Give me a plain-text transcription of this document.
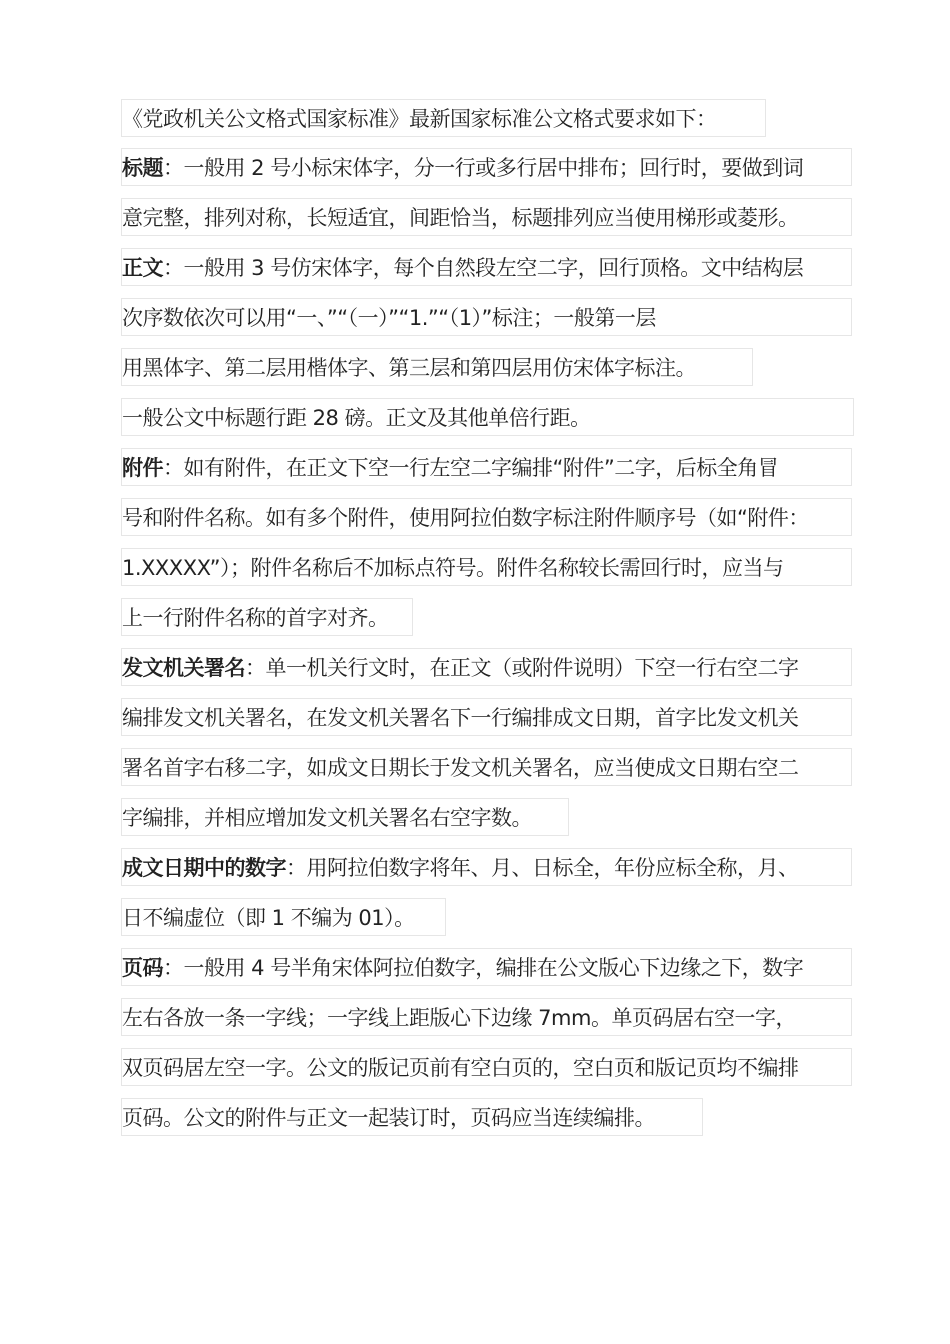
《党政机关公文格式国家标准》最新国家标准公文格式要求如下：
标题：一般用 2 号小标宋体字，分一行或多行居中排布；回行时，要做到词
意完整，排列对称，长短适宜，间距恰当，标题排列应当使用梯形或菱形。
正文：一般用 3 号仿宋体字，每个自然段左空二字，回行顶格。文中结构层
次序数依次可以用“一、”“（一）”“1.”“（1）”标注；一般第一层
用黑体字、第二层用楷体字、第三层和第四层用仿宋体字标注。
一般公文中标题行距 28 磅。正文及其他单倍行距。
附件：如有附件，在正文下空一行左空二字编排“附件”二字，后标全角冒
号和附件名称。如有多个附件，使用阿拉伯数字标注附件顺序号（如“附件：
1.XXXXX”）；附件名称后不加标点符号。附件名称较长需回行时，应当与
上一行附件名称的首字对齐。
发文机关署名：单一机关行文时，在正文（或附件说明）下空一行右空二字
编排发文机关署名，在发文机关署名下一行编排成文日期，首字比发文机关
署名首字右移二字，如成文日期长于发文机关署名，应当使成文日期右空二
字编排，并相应增加发文机关署名右空字数。
成文日期中的数字：用阿拉伯数字将年、月、日标全，年份应标全称，月、
日不编虚位（即 1 不编为 01）。
页码：一般用 4 号半角宋体阿拉伯数字，编排在公文版心下边缘之下，数字
左右各放一条一字线；一字线上距版心下边缘 7mm。单页码居右空一字，
双页码居左空一字。公文的版记页前有空白页的，空白页和版记页均不编排
页码。公文的附件与正文一起装订时，页码应当连续编排。
